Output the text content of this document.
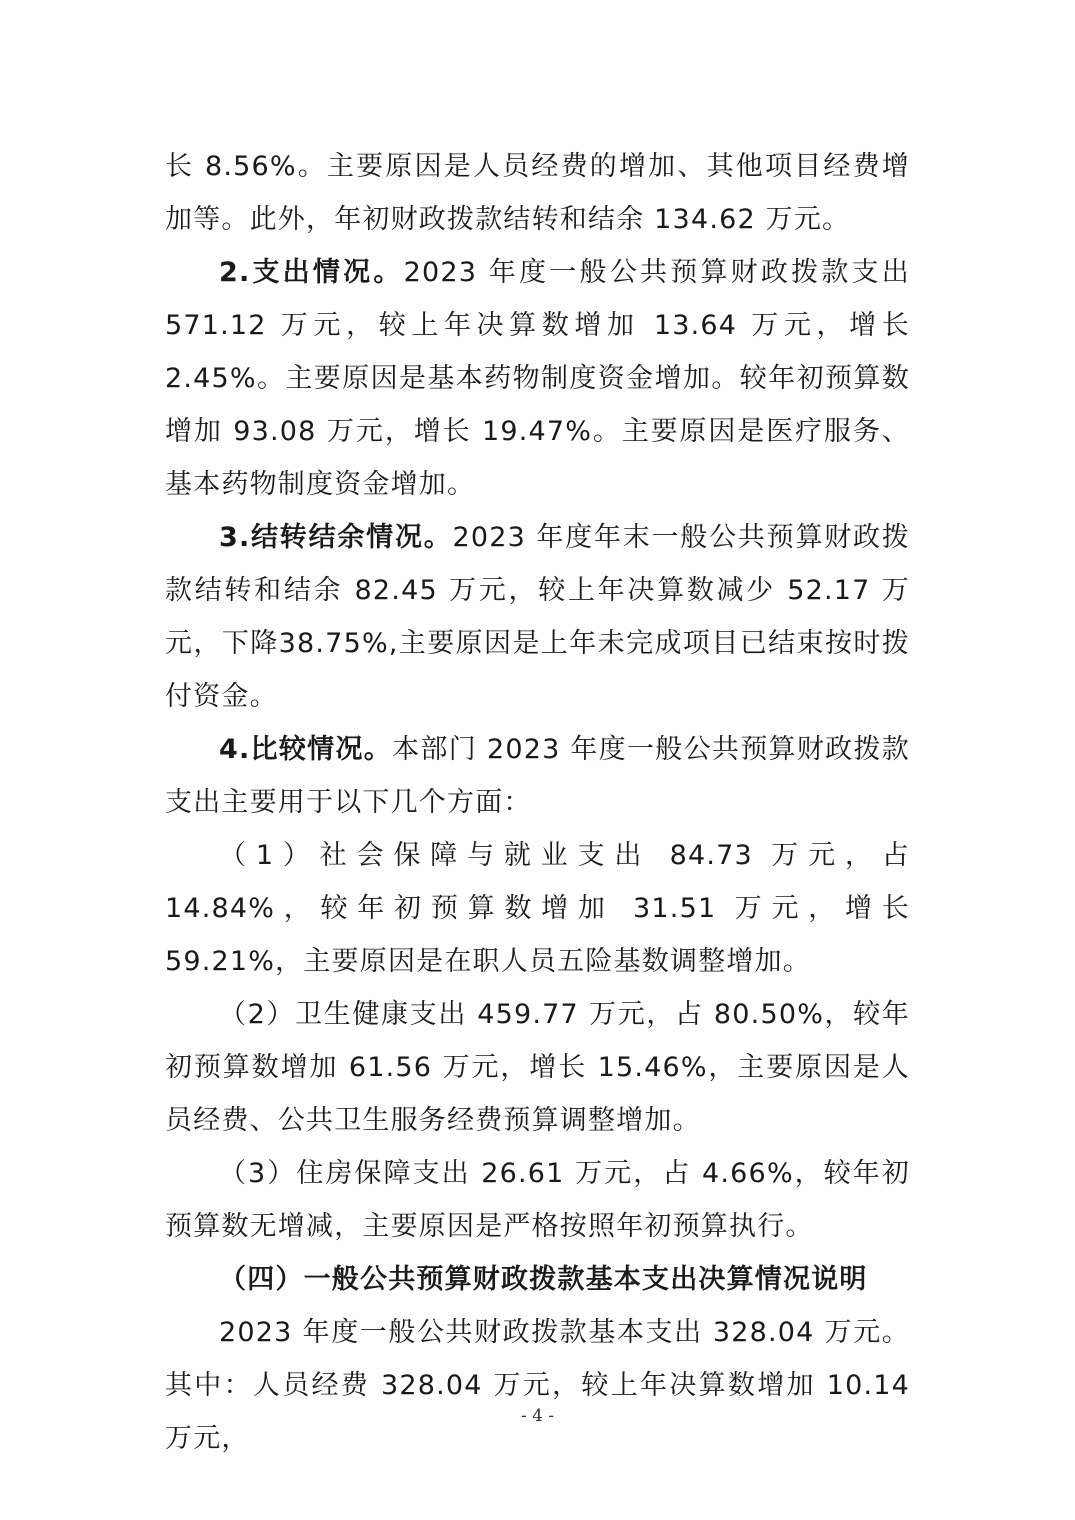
长 8.56%。主要原因是人员经费的增加、其他项目经费增加等。此外，年初财政拨款结转和结余 134.62 万元。

2.支出情况。2023 年度一般公共预算财政拨款支出 571.12 万元，较上年决算数增加 13.64 万元，增长 2.45%。主要原因是基本药物制度资金增加。较年初预算数增加 93.08 万元，增长 19.47%。主要原因是医疗服务、基本药物制度资金增加。

3.结转结余情况。2023 年度年末一般公共预算财政拨款结转和结余 82.45 万元，较上年决算数减少 52.17 万元，下降38.75%,主要原因是上年未完成项目已结束按时拨付资金。

4.比较情况。本部门 2023 年度一般公共预算财政拨款支出主要用于以下几个方面：

（1）社会保障与就业支出 84.73 万元，占 14.84%，较年初预算数增加 31.51 万元，增长 59.21%，主要原因是在职人员五险基数调整增加。

（2）卫生健康支出 459.77 万元，占 80.50%，较年初预算数增加 61.56 万元，增长 15.46%，主要原因是人员经费、公共卫生服务经费预算调整增加。

（3）住房保障支出 26.61 万元，占 4.66%，较年初预算数无增减，主要原因是严格按照年初预算执行。

（四）一般公共预算财政拨款基本支出决算情况说明

2023 年度一般公共财政拨款基本支出 328.04 万元。其中：人员经费 328.04 万元，较上年决算数增加 10.14 万元，

- 4 -
